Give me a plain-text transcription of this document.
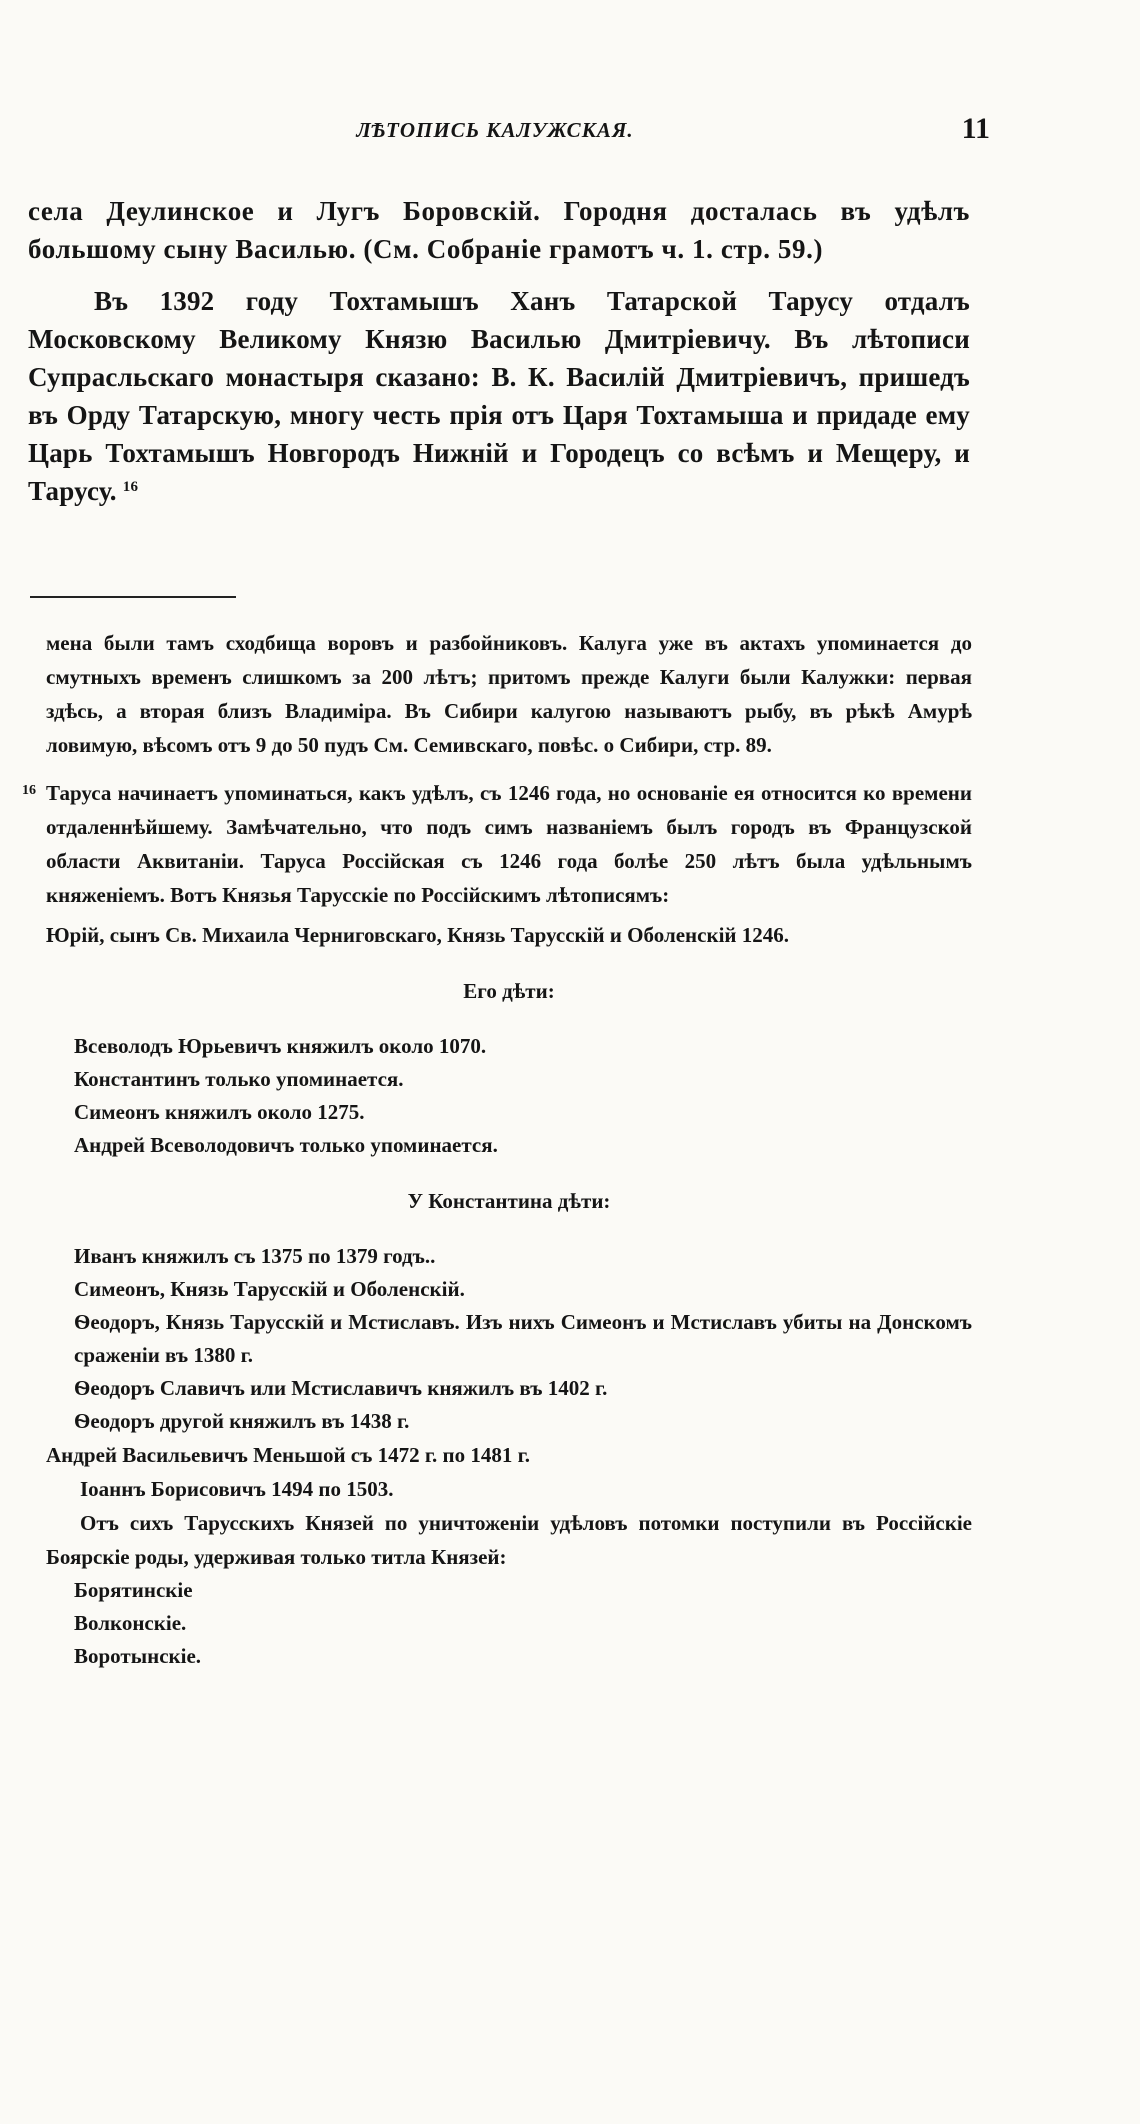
ЛѢТОПИСЬ КАЛУЖСКАЯ.	11

села Деулинское и Лугъ Боровскій. Городня досталась въ удѣлъ большому сыну Василью. (См. Собраніе грамотъ ч. 1. стр. 59.)

Въ 1392 году Тохтамышъ Ханъ Татарской Тарусу отдалъ Московскому Великому Князю Василью Дмитріевичу. Въ лѣтописи Супрасльскаго монастыря сказано: В. К. Василій Дмитріевичъ, пришедъ въ Орду Татарскую, многу честь прія отъ Царя Тохтамыша и придаде ему Царь Тохтамышъ Новгородъ Нижній и Городецъ со всѣмъ и Мещеру, и Тарусу. $^{16}$

мена были тамъ сходбища воровъ и разбойниковъ. Калуга уже въ актахъ упоминается до смутныхъ временъ слишкомъ за 200 лѣтъ; притомъ прежде Калуги были Калужки: первая здѣсь, а вторая близъ Владиміра. Въ Сибири калугою называютъ рыбу, въ рѣкѣ Амурѣ ловимую, вѣсомъ отъ 9 до 50 пудъ См. Семивскаго, повѣс. о Сибири, стр. 89.

16 Таруса начинаетъ упоминаться, какъ удѣлъ, съ 1246 года, но основаніе ея относится ко времени отдаленнѣйшему. Замѣчательно, что подъ симъ названіемъ былъ городъ въ Французской области Аквитаніи. Таруса Россійская съ 1246 года болѣе 250 лѣтъ была удѣльнымъ княженіемъ. Вотъ Князья Тарусскіе по Россійскимъ лѣтописямъ:

Юрій, сынъ Св. Михаила Черниговскаго, Князь Тарусскій и Оболенскій 1246.

Его дѣти:

Всеволодъ Юрьевичъ княжилъ около 1070.
Константинъ только упоминается.
Симеонъ княжилъ около 1275.
Андрей Всеволодовичъ только упоминается.

У Константина дѣти:

Иванъ княжилъ съ 1375 по 1379 годъ..
Симеонъ, Князь Тарусскій и Оболенскій.
Ѳеодоръ, Князь Тарусскій и Мстиславъ. Изъ нихъ Симеонъ и Мстиславъ убиты на Донскомъ сраженіи въ 1380 г.
Ѳеодоръ Славичъ или Мстиславичъ княжилъ въ 1402 г.
Ѳеодоръ другой княжилъ въ 1438 г.

Андрей Васильевичъ Меньшой съ 1472 г. по 1481 г.

Іоаннъ Борисовичъ 1494 по 1503.

Отъ сихъ Тарусскихъ Князей по уничтоженіи удѣловъ потомки поступили въ Россійскіе Боярскіе роды, удерживая только титла Князей:

Борятинскіе
Волконскіе.
Воротынскіе.
